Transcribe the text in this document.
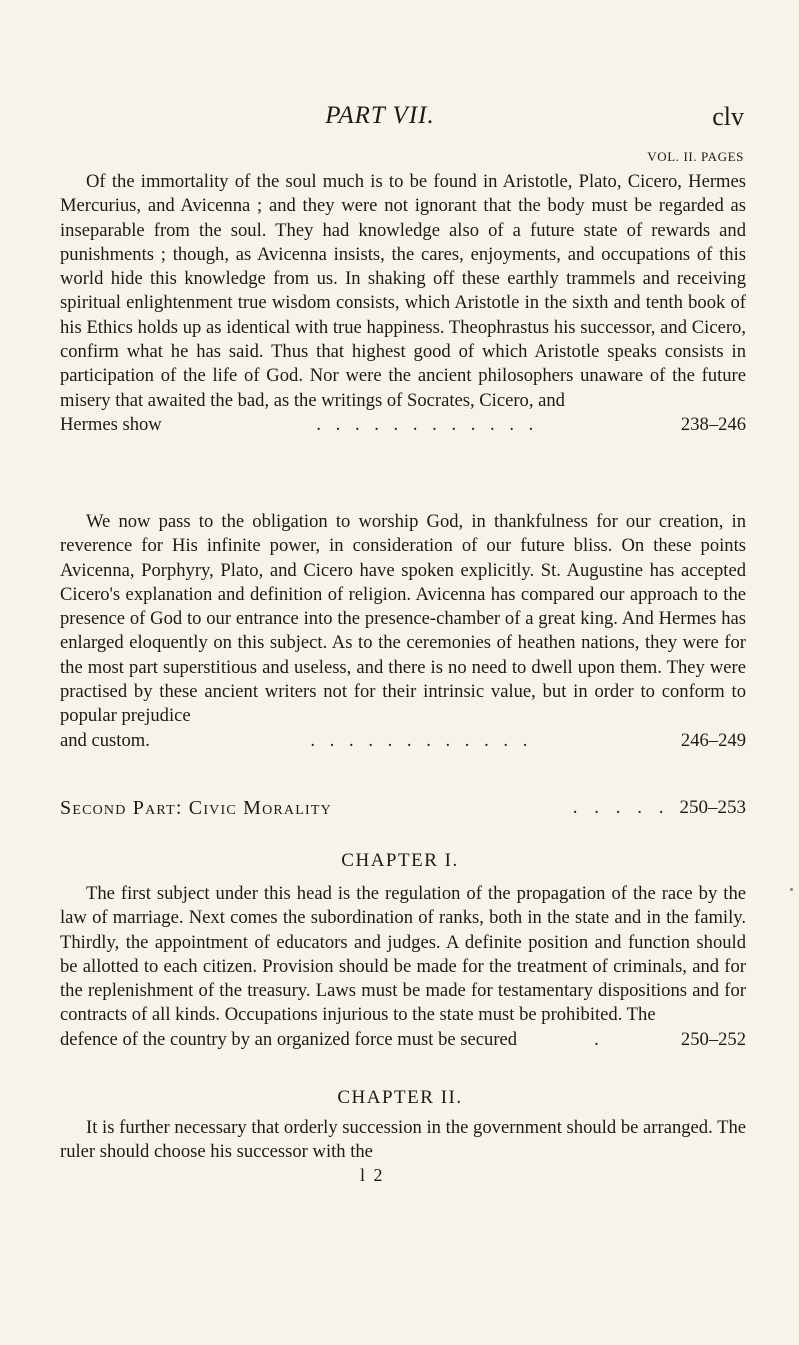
PART VII.	clv
VOL. II. PAGES

Of the immortality of the soul much is to be found in Aristotle, Plato, Cicero, Hermes Mercurius, and Avicenna ; and they were not ignorant that the body must be regarded as inseparable from the soul. They had knowledge also of a future state of rewards and punishments ; though, as Avicenna insists, the cares, enjoyments, and occupations of this world hide this knowledge from us. In shaking off these earthly trammels and receiving spiritual enlightenment true wisdom consists, which Aristotle in the sixth and tenth book of his Ethics holds up as identical with true happiness. Theophrastus his successor, and Cicero, confirm what he has said. Thus that highest good of which Aristotle speaks consists in participation of the life of God. Nor were the ancient philosophers unaware of the future misery that awaited the bad, as the writings of Socrates, Cicero, and

Hermes show	. . . . . . . . . . . .	238–246

We now pass to the obligation to worship God, in thankfulness for our creation, in reverence for His infinite power, in consideration of our future bliss. On these points Avicenna, Porphyry, Plato, and Cicero have spoken explicitly. St. Augustine has accepted Cicero's explanation and definition of religion. Avicenna has compared our approach to the presence of God to our entrance into the presence-chamber of a great king. And Hermes has enlarged eloquently on this subject. As to the ceremonies of heathen nations, they were for the most part superstitious and useless, and there is no need to dwell upon them. They were practised by these ancient writers not for their intrinsic value, but in order to conform to popular prejudice

and custom.	. . . . . . . . . . . .	246–249
Second Part: Civic Morality	. . . . . 250–253
CHAPTER I.

The first subject under this head is the regulation of the propagation of the race by the law of marriage. Next comes the subordination of ranks, both in the state and in the family. Thirdly, the appointment of educators and judges. A definite position and function should be allotted to each citizen. Provision should be made for the treatment of criminals, and for the replenishment of the treasury. Laws must be made for testamentary dispositions and for contracts of all kinds. Occupations injurious to the state must be prohibited. The

defence of the country by an organized force must be secured	.	250–252
CHAPTER II.

It is further necessary that orderly succession in the government should be arranged. The ruler should choose his successor with the

l 2
